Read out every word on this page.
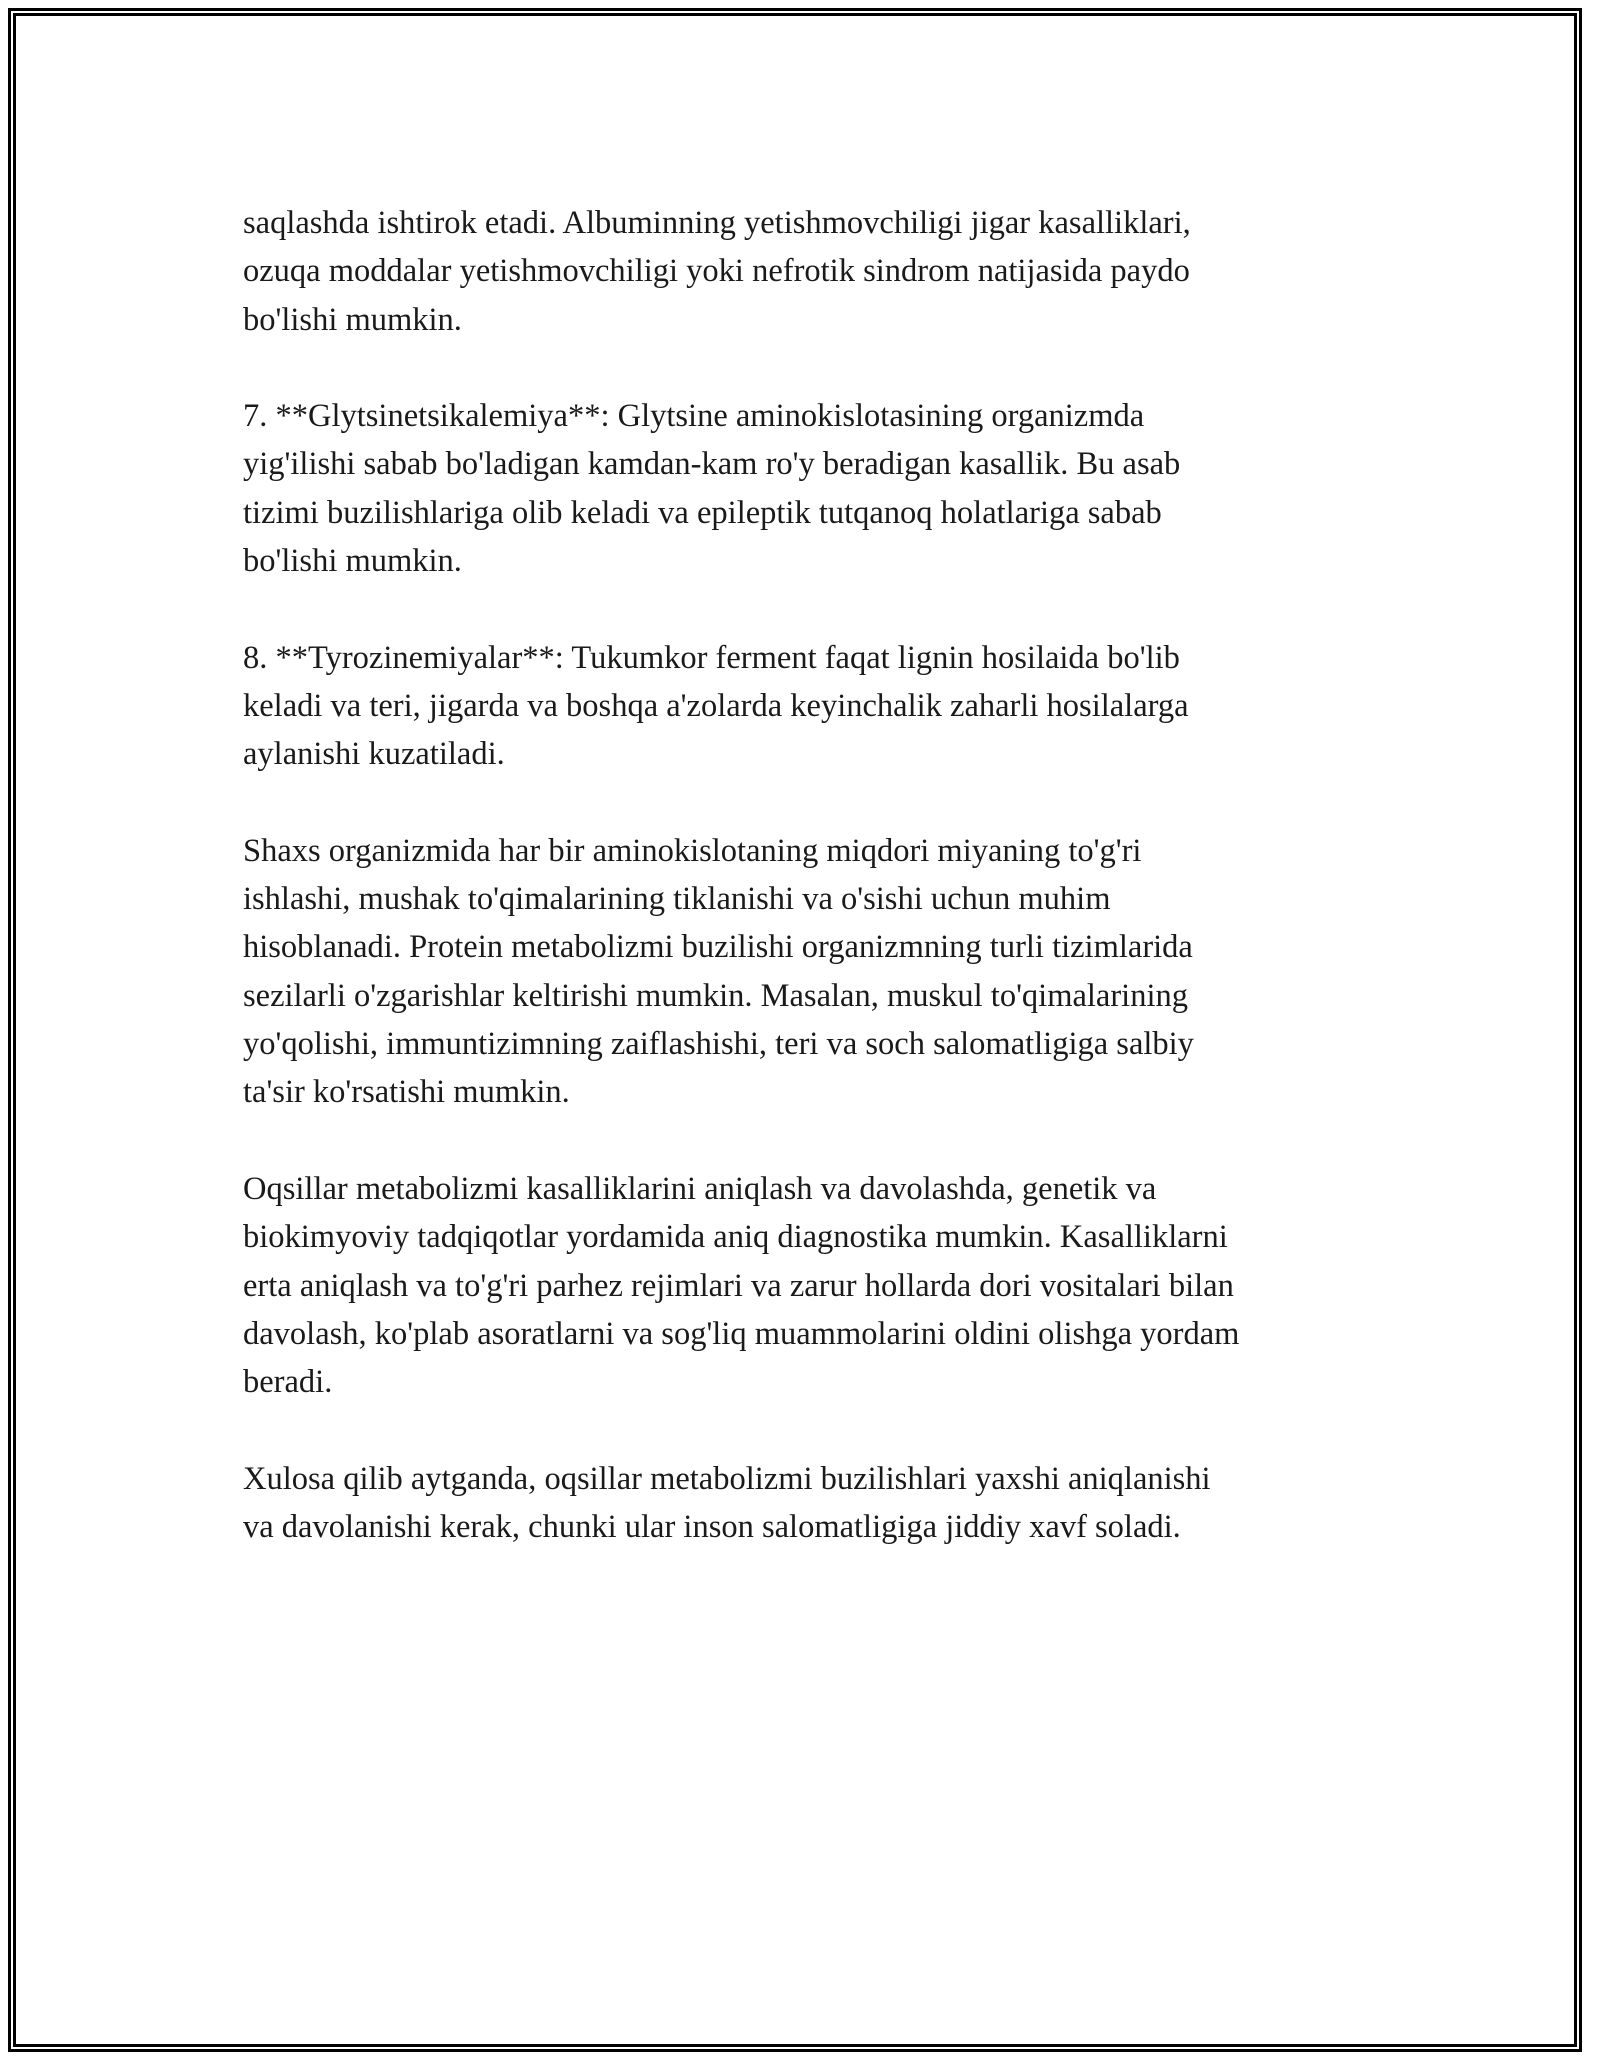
saqlashda ishtirok etadi. Albuminning yetishmovchiligi jigar kasalliklari,
ozuqa moddalar yetishmovchiligi yoki nefrotik sindrom natijasida paydo
bo'lishi mumkin.

7. **Glytsinetsikalemiya**: Glytsine aminokislotasining organizmda
yig'ilishi sabab bo'ladigan kamdan-kam ro'y beradigan kasallik. Bu asab
tizimi buzilishlariga olib keladi va epileptik tutqanoq holatlariga sabab
bo'lishi mumkin.

8. **Tyrozinemiyalar**: Tukumkor ferment faqat lignin hosilaida bo'lib
keladi va teri, jigarda va boshqa a'zolarda keyinchalik zaharli hosilalarga
aylanishi kuzatiladi.

Shaxs organizmida har bir aminokislotaning miqdori miyaning to'g'ri
ishlashi, mushak to'qimalarining tiklanishi va o'sishi uchun muhim
hisoblanadi. Protein metabolizmi buzilishi organizmning turli tizimlarida
sezilarli o'zgarishlar keltirishi mumkin. Masalan, muskul to'qimalarining
yo'qolishi, immuntizimning zaiflashishi, teri va soch salomatligiga salbiy
ta'sir ko'rsatishi mumkin.

Oqsillar metabolizmi kasalliklarini aniqlash va davolashda, genetik va
biokimyoviy tadqiqotlar yordamida aniq diagnostika mumkin. Kasalliklarni
erta aniqlash va to'g'ri parhez rejimlari va zarur hollarda dori vositalari bilan
davolash, ko'plab asoratlarni va sog'liq muammolarini oldini olishga yordam
beradi.

Xulosa qilib aytganda, oqsillar metabolizmi buzilishlari yaxshi aniqlanishi
va davolanishi kerak, chunki ular inson salomatligiga jiddiy xavf soladi.
